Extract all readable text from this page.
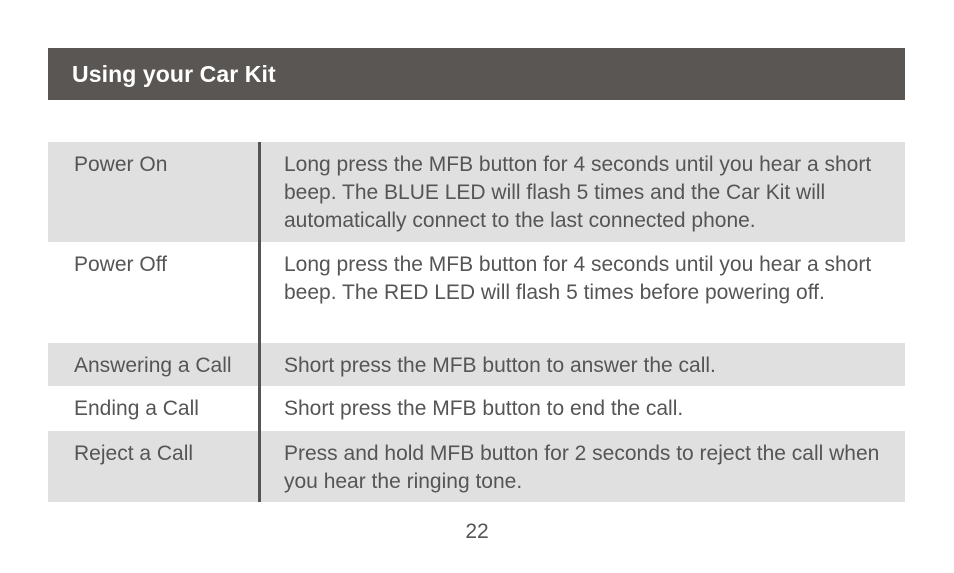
Using your Car Kit
Power On	Long press the MFB button for 4 seconds until you hear a short beep. The BLUE LED will flash 5 times and the Car Kit will automatically connect to the last connected phone.
Power Off	Long press the MFB button for 4 seconds until you hear a short beep. The RED LED will flash 5 times before powering off.
Answering a Call	Short press the MFB button to answer the call.
Ending a Call	Short press the MFB button to end the call.
Reject a Call	Press and hold MFB button for 2 seconds to reject the call when you hear the ringing tone.
22
